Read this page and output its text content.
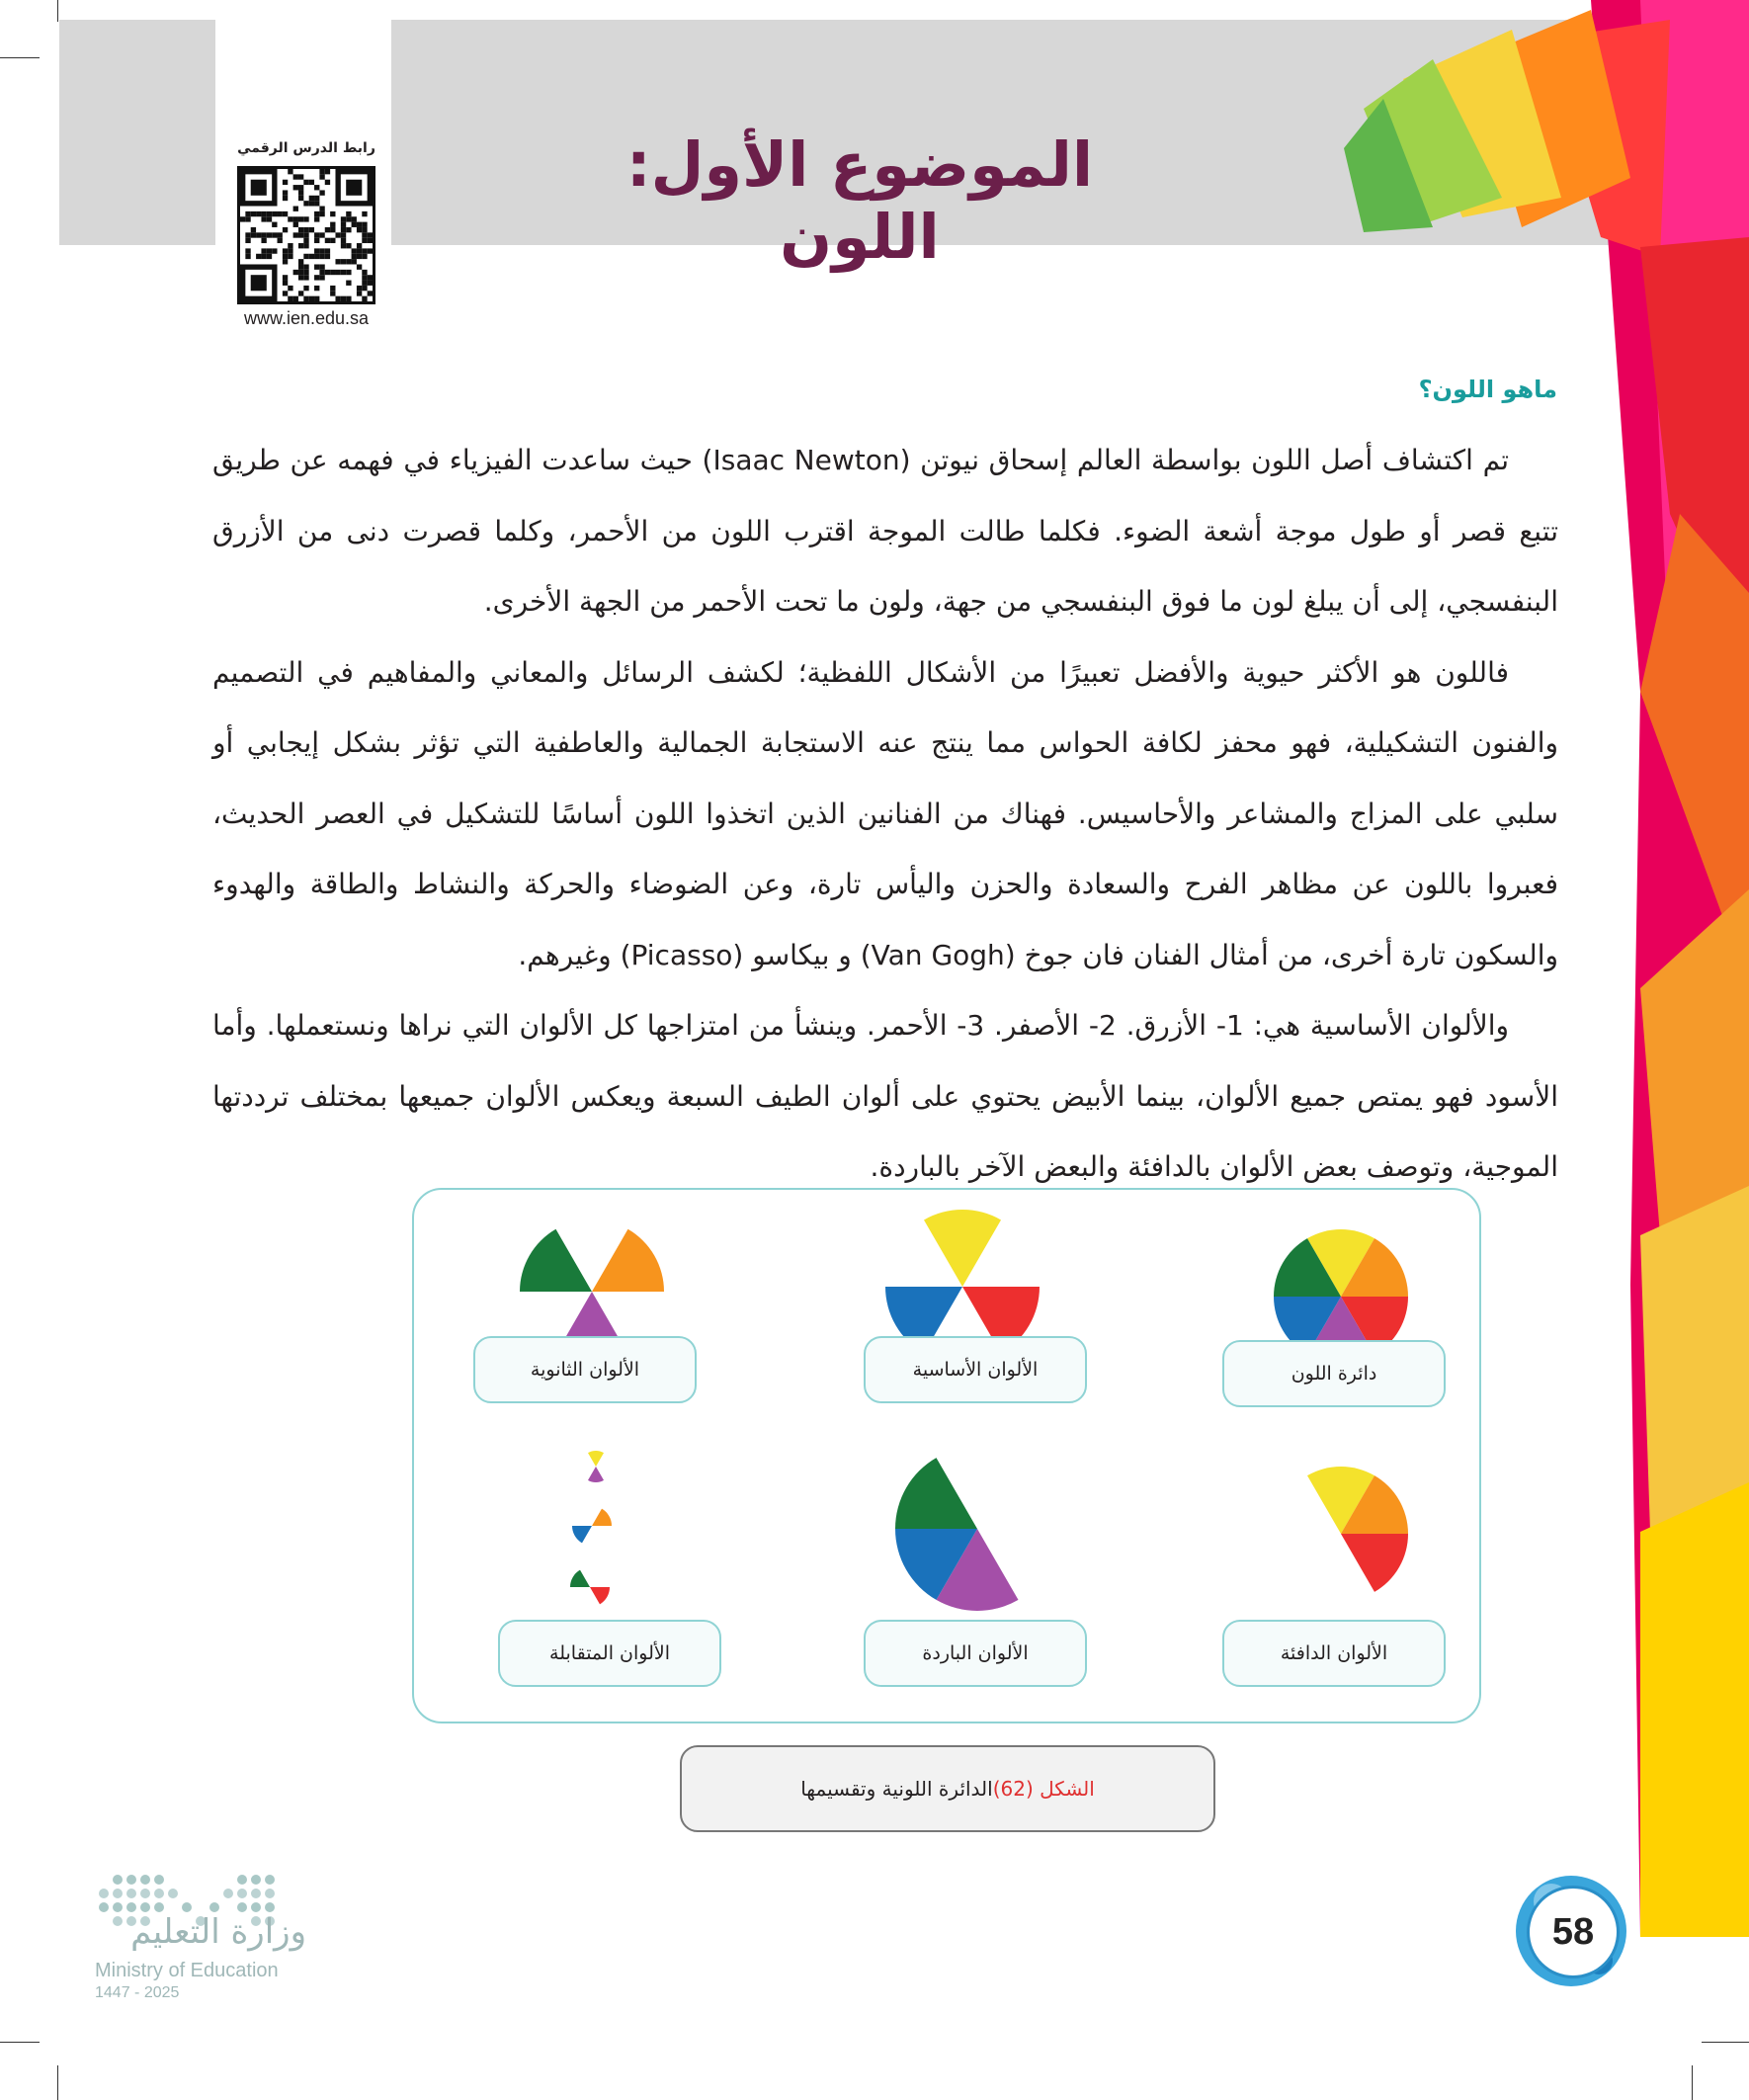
الموضوع الأول: اللون
رابط الدرس الرقمي
www.ien.edu.sa
ماهو اللون؟

تم اكتشاف أصل اللون بواسطة العالم إسحاق نيوتن (Isaac Newton) حيث ساعدت الفيزياء في فهمه عن طريق تتبع قصر أو طول موجة أشعة الضوء. فكلما طالت الموجة اقترب اللون من الأحمر، وكلما قصرت دنى من الأزرق البنفسجي، إلى أن يبلغ لون ما فوق البنفسجي من جهة، ولون ما تحت الأحمر من الجهة الأخرى.

فاللون هو الأكثر حيوية والأفضل تعبيرًا من الأشكال اللفظية؛ لكشف الرسائل والمعاني والمفاهيم في التصميم والفنون التشكيلية، فهو محفز لكافة الحواس مما ينتج عنه الاستجابة الجمالية والعاطفية التي تؤثر بشكل إيجابي أو سلبي على المزاج والمشاعر والأحاسيس. فهناك من الفنانين الذين اتخذوا اللون أساسًا للتشكيل في العصر الحديث، فعبروا باللون عن مظاهر الفرح والسعادة والحزن واليأس تارة، وعن الضوضاء والحركة والنشاط والطاقة والهدوء والسكون تارة أخرى، من أمثال الفنان فان جوخ (Van Gogh) و بيكاسو (Picasso) وغيرهم.

والألوان الأساسية هي: 1- الأزرق. 2- الأصفر. 3- الأحمر. وينشأ من امتزاجها كل الألوان التي نراها ونستعملها. وأما الأسود فهو يمتص جميع الألوان، بينما الأبيض يحتوي على ألوان الطيف السبعة ويعكس الألوان جميعها بمختلف ترددتها الموجية، وتوصف بعض الألوان بالدافئة والبعض الآخر بالباردة.

دائرة اللون
الألوان الأساسية
الألوان الثانوية
الألوان الدافئة
الألوان الباردة
الألوان المتقابلة
الشكل (62)
الدائرة اللونية وتقسيمها
وزارة التعليم
Ministry of Education
2025 - 1447
58
